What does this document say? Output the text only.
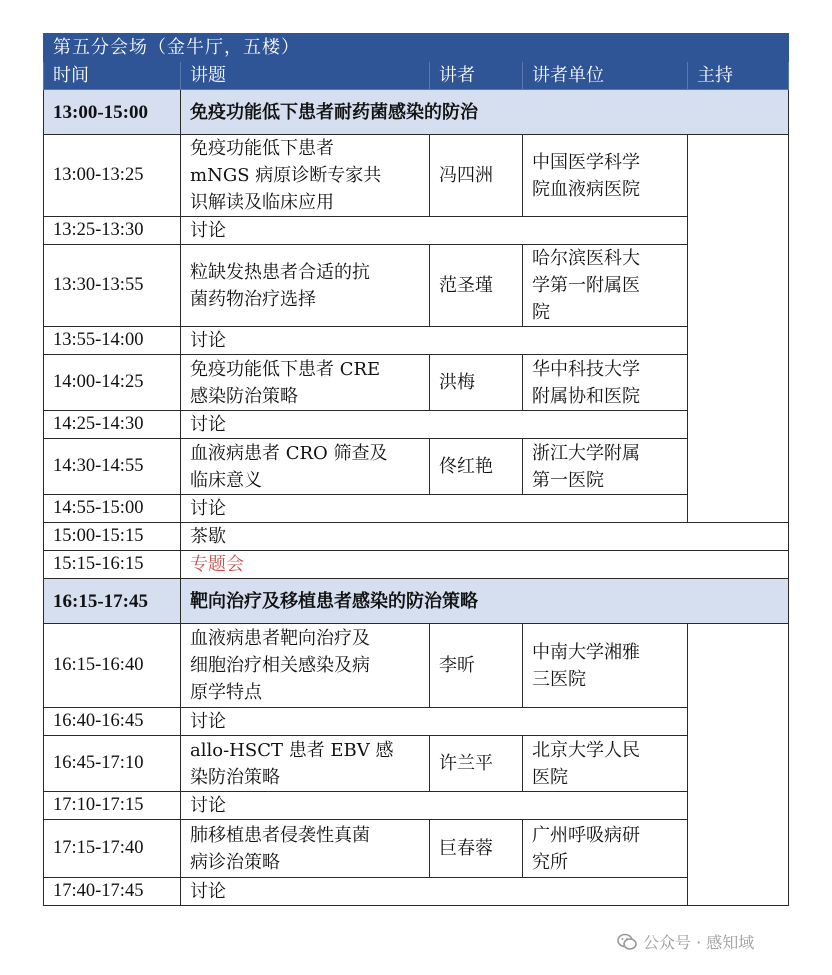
第五分会场（金牛厅，五楼）				
时间	讲题	讲者	讲者单位	主持
13:00-15:00	免疫功能低下患者耐药菌感染的防治			
13:00-13:25	免疫功能低下患者
mNGS 病原诊断专家共
识解读及临床应用	冯四洲	中国医学科学
院血液病医院	
13:25-13:30	讨论			
13:30-13:55	粒缺发热患者合适的抗
菌药物治疗选择	范圣瑾	哈尔滨医科大
学第一附属医
院	
13:55-14:00	讨论			
14:00-14:25	免疫功能低下患者 CRE
感染防治策略	洪梅	华中科技大学
附属协和医院	
14:25-14:30	讨论			
14:30-14:55	血液病患者 CRO 筛查及
临床意义	佟红艳	浙江大学附属
第一医院	
14:55-15:00	讨论			
15:00-15:15	茶歇			
15:15-16:15	专题会			
16:15-17:45	靶向治疗及移植患者感染的防治策略			
16:15-16:40	血液病患者靶向治疗及
细胞治疗相关感染及病
原学特点	李昕	中南大学湘雅
三医院	
16:40-16:45	讨论			
16:45-17:10	allo-HSCT 患者 EBV 感
染防治策略	许兰平	北京大学人民
医院	
17:10-17:15	讨论			
17:15-17:40	肺移植患者侵袭性真菌
病诊治策略	巨春蓉	广州呼吸病研
究所	
17:40-17:45	讨论			
公众号 · 感知域
